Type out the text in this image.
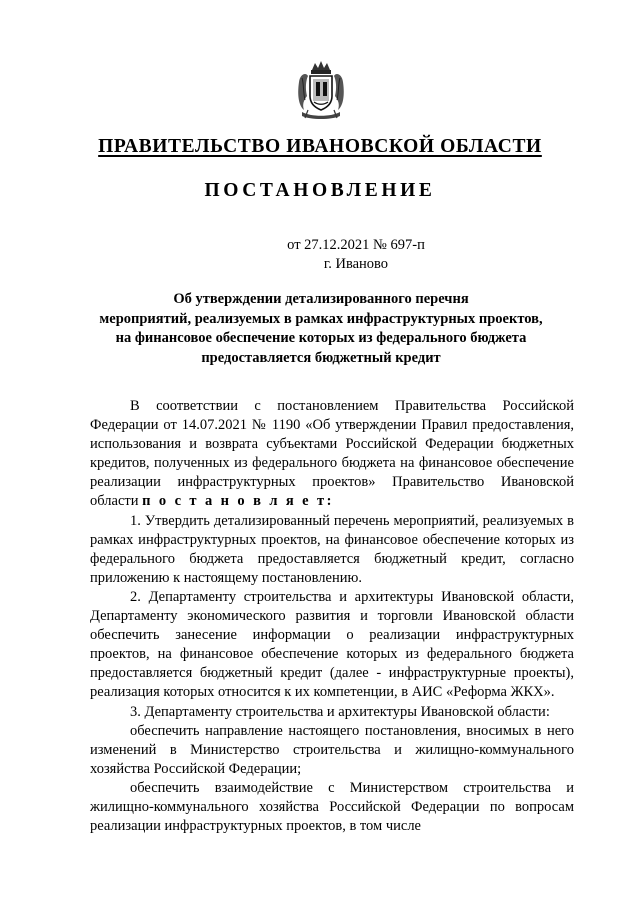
ПРАВИТЕЛЬСТВО ИВАНОВСКОЙ ОБЛАСТИ
ПОСТАНОВЛЕНИЕ
от 27.12.2021 № 697-п
г. Иваново
Об утверждении детализированного перечня
мероприятий, реализуемых в рамках инфраструктурных проектов,
на финансовое обеспечение которых из федерального бюджета
предоставляется бюджетный кредит

В соответствии с постановлением Правительства Российской Федерации от 14.07.2021 № 1190 «Об утверждении Правил предоставления, использования и возврата субъектами Российской Федерации бюджетных кредитов, полученных из федерального бюджета на финансовое обеспечение реализации инфраструктурных проектов» Правительство Ивановской области п о с т а н о в л я е т:

1. Утвердить детализированный перечень мероприятий, реализуемых в рамках инфраструктурных проектов, на финансовое обеспечение которых из федерального бюджета предоставляется бюджетный кредит, согласно приложению к настоящему постановлению.

2. Департаменту строительства и архитектуры Ивановской области, Департаменту экономического развития и торговли Ивановской области обеспечить занесение информации о реализации инфраструктурных проектов, на финансовое обеспечение которых из федерального бюджета предоставляется бюджетный кредит (далее - инфраструктурные проекты), реализация которых относится к их компетенции, в АИС «Реформа ЖКХ».

3. Департаменту строительства и архитектуры Ивановской области:

обеспечить направление настоящего постановления, вносимых в него изменений в Министерство строительства и жилищно-коммунального хозяйства Российской Федерации;

обеспечить взаимодействие с Министерством строительства и жилищно-коммунального хозяйства Российской Федерации по вопросам реализации инфраструктурных проектов, в том числе
